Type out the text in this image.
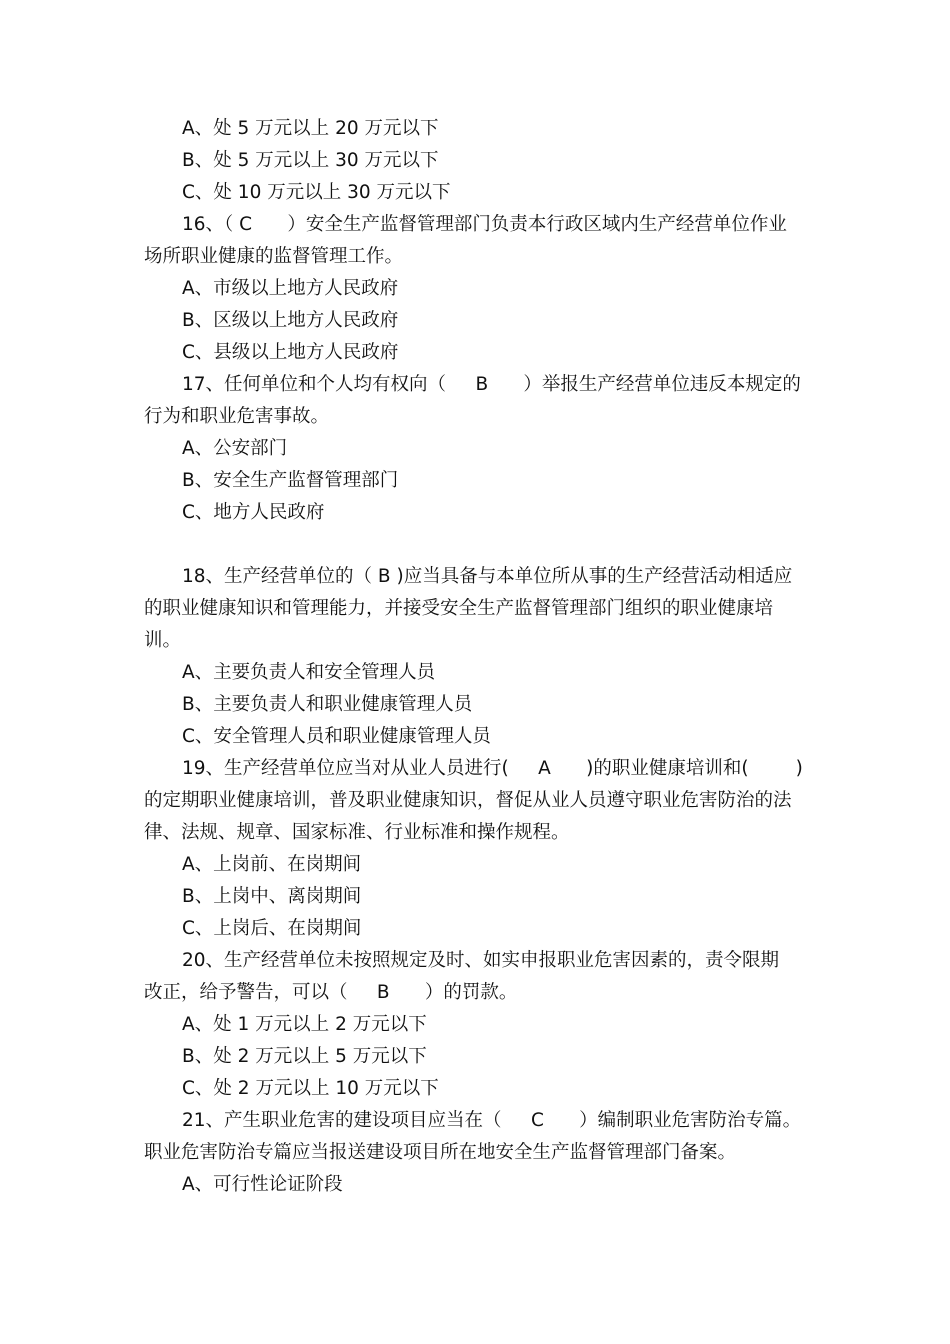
A、处 5 万元以上 20 万元以下
B、处 5 万元以上 30 万元以下
C、处 10 万元以上 30 万元以下
16、（ C      ）安全生产监督管理部门负责本行政区域内生产经营单位作业
场所职业健康的监督管理工作。
A、市级以上地方人民政府
B、区级以上地方人民政府
C、县级以上地方人民政府
17、任何单位和个人均有权向（     B      ）举报生产经营单位违反本规定的
行为和职业危害事故。
A、公安部门
B、安全生产监督管理部门
C、地方人民政府
18、生产经营单位的（ B )应当具备与本单位所从事的生产经营活动相适应
的职业健康知识和管理能力，并接受安全生产监督管理部门组织的职业健康培
训。
A、主要负责人和安全管理人员
B、主要负责人和职业健康管理人员
C、安全管理人员和职业健康管理人员
19、生产经营单位应当对从业人员进行(     A      )的职业健康培训和(        )
的定期职业健康培训，普及职业健康知识，督促从业人员遵守职业危害防治的法
律、法规、规章、国家标准、行业标准和操作规程。
A、上岗前、在岗期间
B、上岗中、离岗期间
C、上岗后、在岗期间
20、生产经营单位未按照规定及时、如实申报职业危害因素的，责令限期
改正，给予警告，可以（     B      ）的罚款。
A、处 1 万元以上 2 万元以下
B、处 2 万元以上 5 万元以下
C、处 2 万元以上 10 万元以下
21、产生职业危害的建设项目应当在（     C      ）编制职业危害防治专篇。
职业危害防治专篇应当报送建设项目所在地安全生产监督管理部门备案。
A、可行性论证阶段
